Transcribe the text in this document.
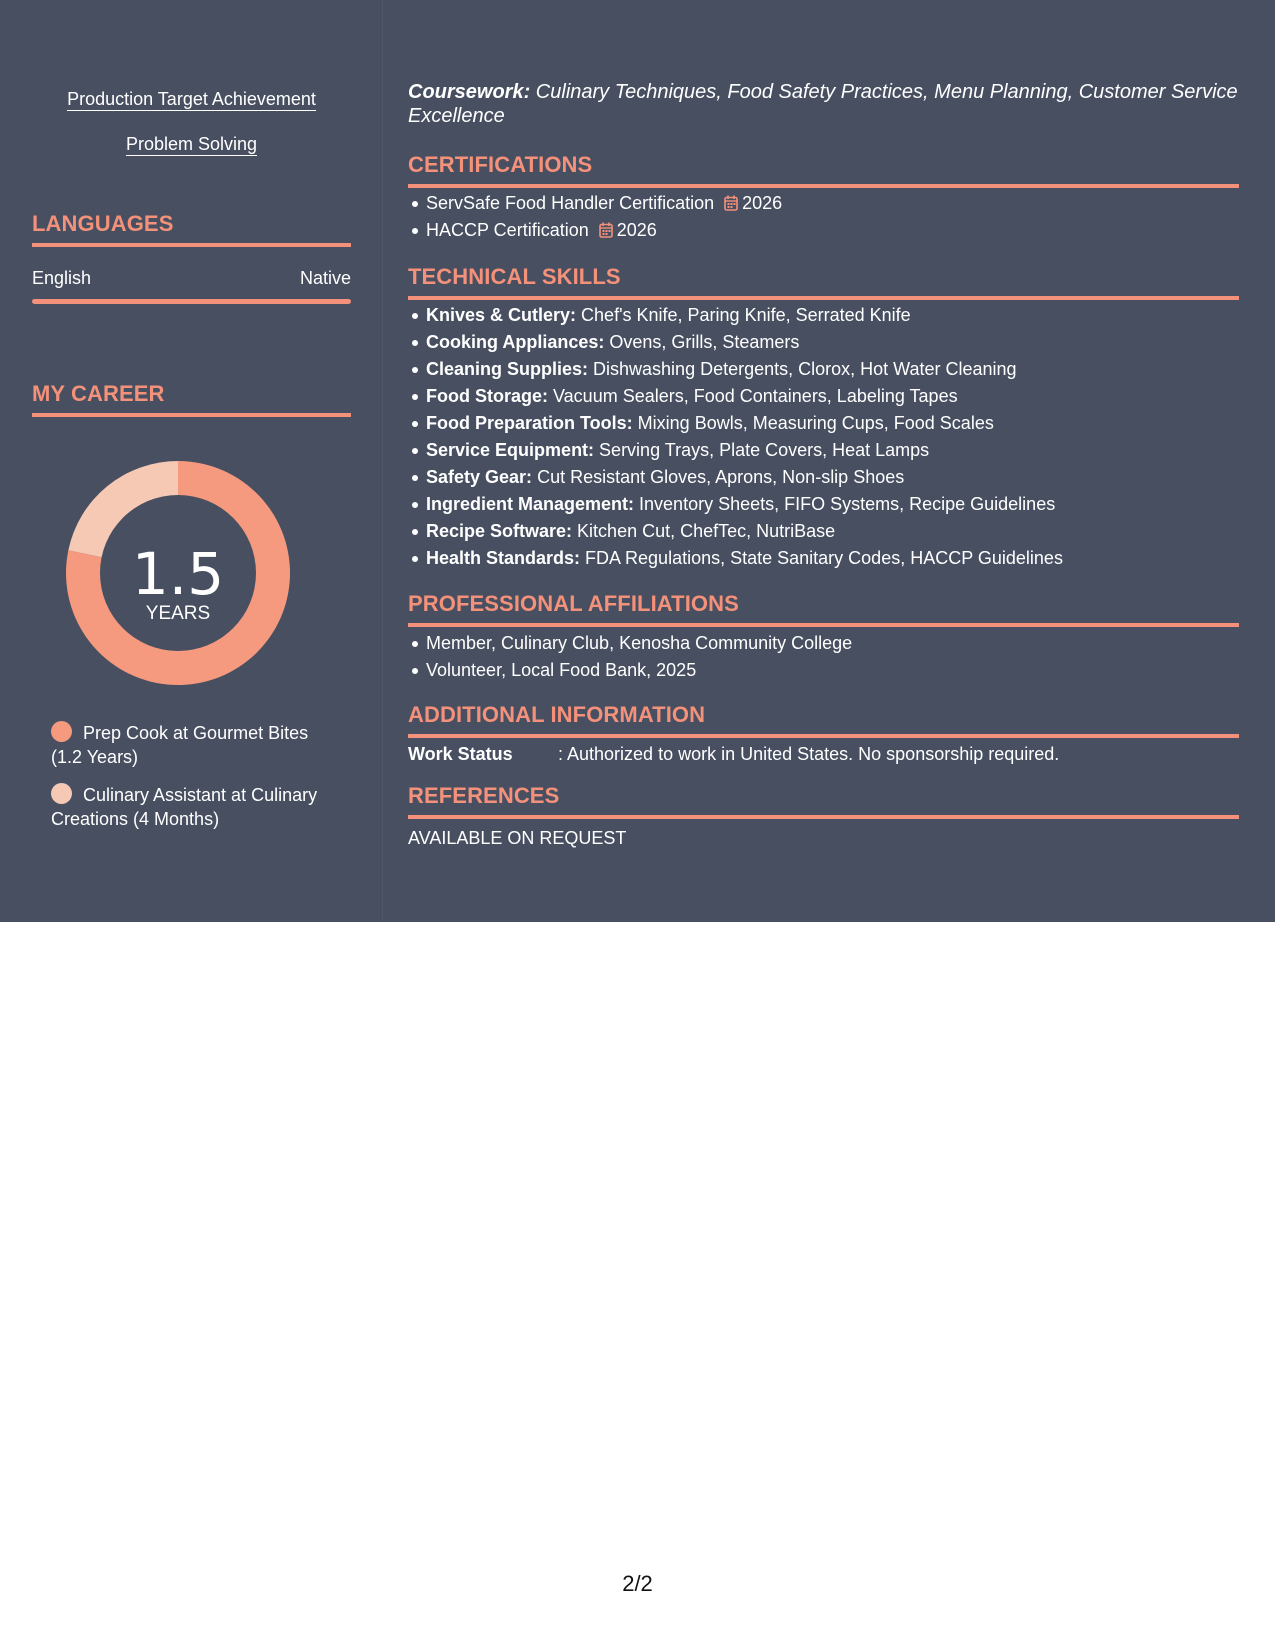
Production Target Achievement
Problem Solving
LANGUAGES
English	Native
MY CAREER
1.5
YEARS
Prep Cook at Gourmet Bites (1.2 Years)
Culinary Assistant at Culinary Creations (4 Months)
Coursework: Culinary Techniques, Food Safety Practices, Menu Planning, Customer Service Excellence
CERTIFICATIONS
ServSafe Food Handler Certification 2026
HACCP Certification 2026
TECHNICAL SKILLS
Knives & Cutlery: Chef's Knife, Paring Knife, Serrated Knife
Cooking Appliances: Ovens, Grills, Steamers
Cleaning Supplies: Dishwashing Detergents, Clorox, Hot Water Cleaning
Food Storage: Vacuum Sealers, Food Containers, Labeling Tapes
Food Preparation Tools: Mixing Bowls, Measuring Cups, Food Scales
Service Equipment: Serving Trays, Plate Covers, Heat Lamps
Safety Gear: Cut Resistant Gloves, Aprons, Non-slip Shoes
Ingredient Management: Inventory Sheets, FIFO Systems, Recipe Guidelines
Recipe Software: Kitchen Cut, ChefTec, NutriBase
Health Standards: FDA Regulations, State Sanitary Codes, HACCP Guidelines
PROFESSIONAL AFFILIATIONS
Member, Culinary Club, Kenosha Community College
Volunteer, Local Food Bank, 2025
ADDITIONAL INFORMATION
Work Status	: Authorized to work in United States. No sponsorship required.
REFERENCES
AVAILABLE ON REQUEST
2/2
